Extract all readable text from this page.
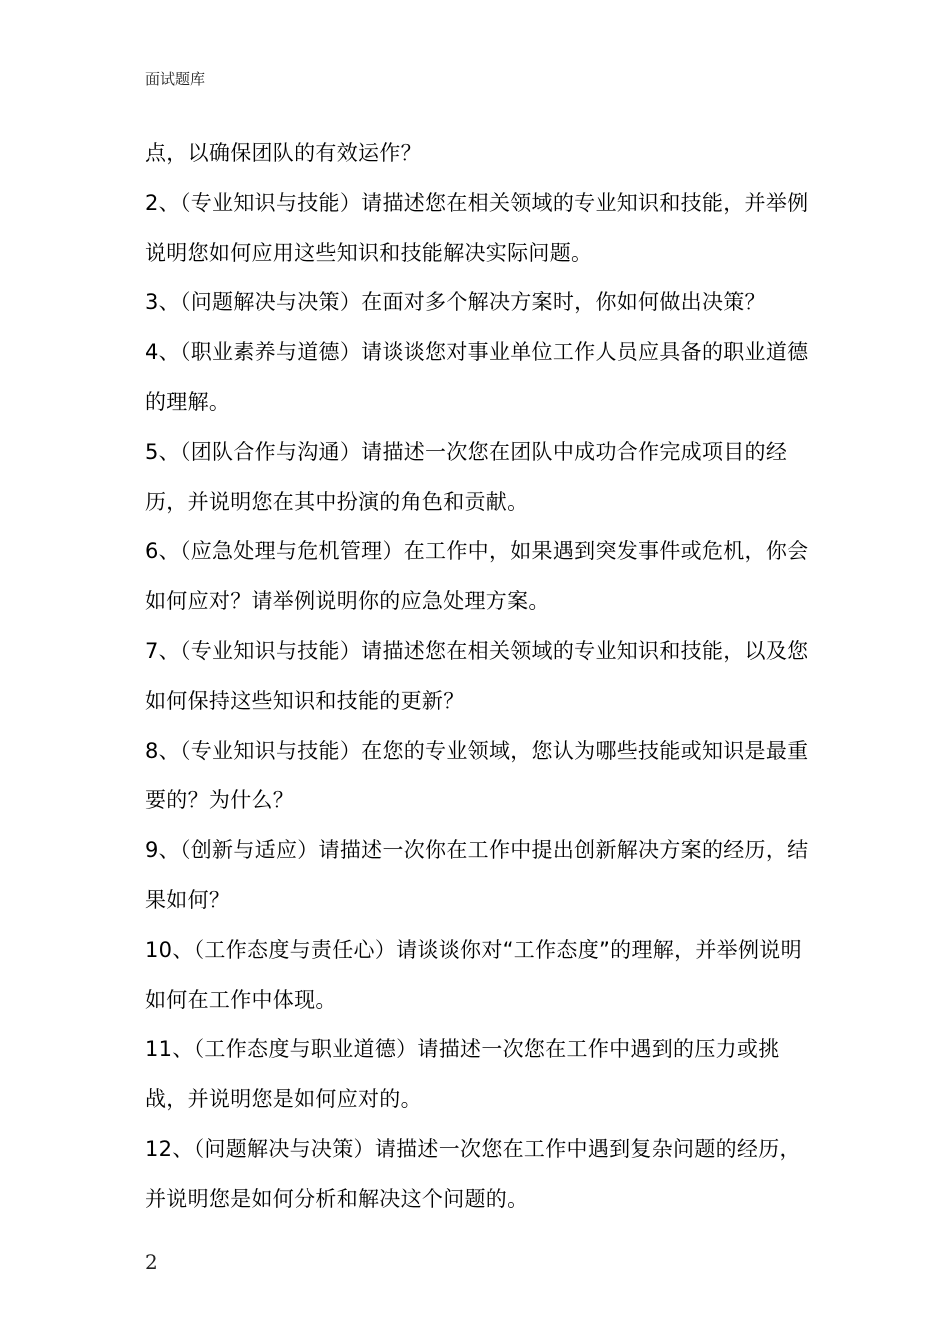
面试题库

点，以确保团队的有效运作？

2、（专业知识与技能）请描述您在相关领域的专业知识和技能，并举例说明您如何应用这些知识和技能解决实际问题。

3、（问题解决与决策）在面对多个解决方案时，你如何做出决策？

4、（职业素养与道德）请谈谈您对事业单位工作人员应具备的职业道德的理解。

5、（团队合作与沟通）请描述一次您在团队中成功合作完成项目的经历，并说明您在其中扮演的角色和贡献。

6、（应急处理与危机管理）在工作中，如果遇到突发事件或危机，你会如何应对？请举例说明你的应急处理方案。

7、（专业知识与技能）请描述您在相关领域的专业知识和技能，以及您如何保持这些知识和技能的更新？

8、（专业知识与技能）在您的专业领域，您认为哪些技能或知识是最重要的？为什么？

9、（创新与适应）请描述一次你在工作中提出创新解决方案的经历，结果如何？

10、（工作态度与责任心）请谈谈你对“工作态度”的理解，并举例说明如何在工作中体现。

11、（工作态度与职业道德）请描述一次您在工作中遇到的压力或挑战，并说明您是如何应对的。

12、（问题解决与决策）请描述一次您在工作中遇到复杂问题的经历，并说明您是如何分析和解决这个问题的。

2
